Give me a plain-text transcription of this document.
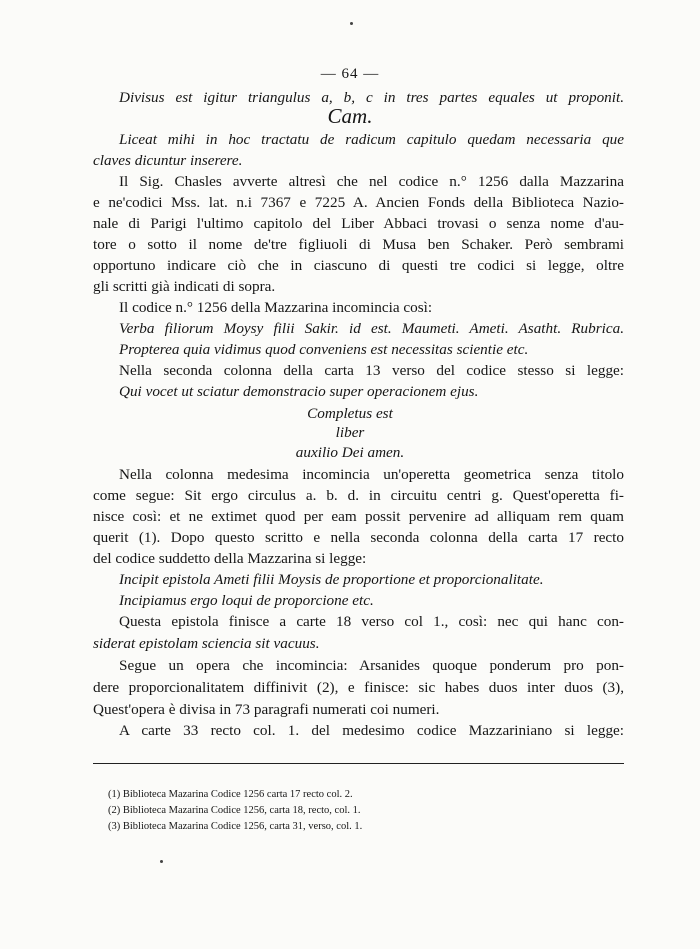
— 64 —
Divisus est igitur triangulus a, b, c in tres partes equales ut proponit.
Cam.
Liceat mihi in hoc tractatu de radicum capitulo quedam necessaria que
claves dicuntur inserere.
Il Sig. Chasles avverte altresì che nel codice n.° 1256 dalla Mazzarina
e ne'codici Mss. lat. n.i 7367 e 7225 A. Ancien Fonds della Biblioteca Nazio-
nale di Parigi l'ultimo capitolo del Liber Abbaci trovasi o senza nome d'au-
tore o sotto il nome de'tre figliuoli di Musa ben Schaker. Però sembrami
opportuno indicare ciò che in ciascuno di questi tre codici si legge, oltre
gli scritti già indicati di sopra.
Il codice n.° 1256 della Mazzarina incomincia così:
Verba filiorum Moysy filii Sakir. id est. Maumeti. Ameti. Asatht. Rubrica.
Propterea quia vidimus quod conveniens est necessitas scientie etc.
Nella seconda colonna della carta 13 verso del codice stesso si legge:
Qui vocet ut sciatur demonstracio super operacionem ejus.
Completus est
liber
auxilio Dei amen.
Nella colonna medesima incomincia un'operetta geometrica senza titolo
come segue: Sit ergo circulus a. b. d. in circuitu centri g. Quest'operetta fi-
nisce così: et ne extimet quod per eam possit pervenire ad alliquam rem quam
querit (1). Dopo questo scritto e nella seconda colonna della carta 17 recto
del codice suddetto della Mazzarina si legge:
Incipit epistola Ameti filii Moysis de proportione et proporcionalitate.
Incipiamus ergo loqui de proporcione etc.
Questa epistola finisce a carte 18 verso col 1., così: nec qui hanc con-
siderat epistolam sciencia sit vacuus.
Segue un opera che incomincia: Arsanides quoque ponderum pro pon-
dere proporcionalitatem diffinivit (2), e finisce: sic habes duos inter duos (3),
Quest'opera è divisa in 73 paragrafi numerati coi numeri.
(1) Biblioteca Mazarina Codice 1256 carta 17 recto col. 2.
(2) Biblioteca Mazarina Codice 1256, carta 18, recto, col. 1.
(3) Biblioteca Mazarina Codice 1256, carta 31, verso, col. 1.
A carte 33 recto col. 1. del medesimo codice Mazzariniano si legge:
